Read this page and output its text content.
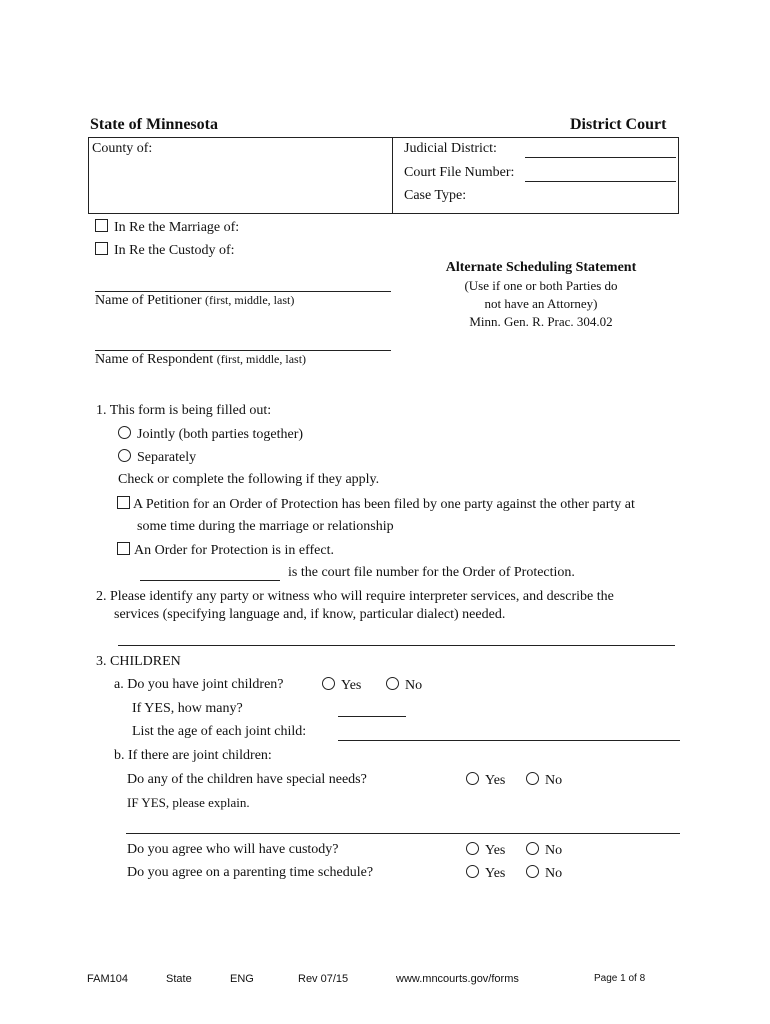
State of Minnesota	District Court
County of:	Judicial District:
Court File Number:
Case Type:
In Re the Marriage of:
In Re the Custody of:
Name of Petitioner (first, middle, last)
Name of Respondent (first, middle, last)
Alternate Scheduling Statement
(Use if one or both Parties do
not have an Attorney)
Minn. Gen. R. Prac. 304.02
1. This form is being filled out:
Jointly (both parties together)
Separately
Check or complete the following if they apply.
A Petition for an Order of Protection has been filed by one party against the other party at
some time during the marriage or relationship
An Order for Protection is in effect.
is the court file number for the Order of Protection.
2. Please identify any party or witness who will require interpreter services, and describe the
services (specifying language and, if know, particular dialect) needed.
3. CHILDREN
a. Do you have joint children?	Yes	No
If YES, how many?
List the age of each joint child:
b. If there are joint children:
Do any of the children have special needs?	Yes	No
IF YES, please explain.
Do you agree who will have custody?	Yes	No
Do you agree on a parenting time schedule?	Yes	No
FAM104	State	ENG	Rev 07/15	www.mncourts.gov/forms	Page 1 of 8
